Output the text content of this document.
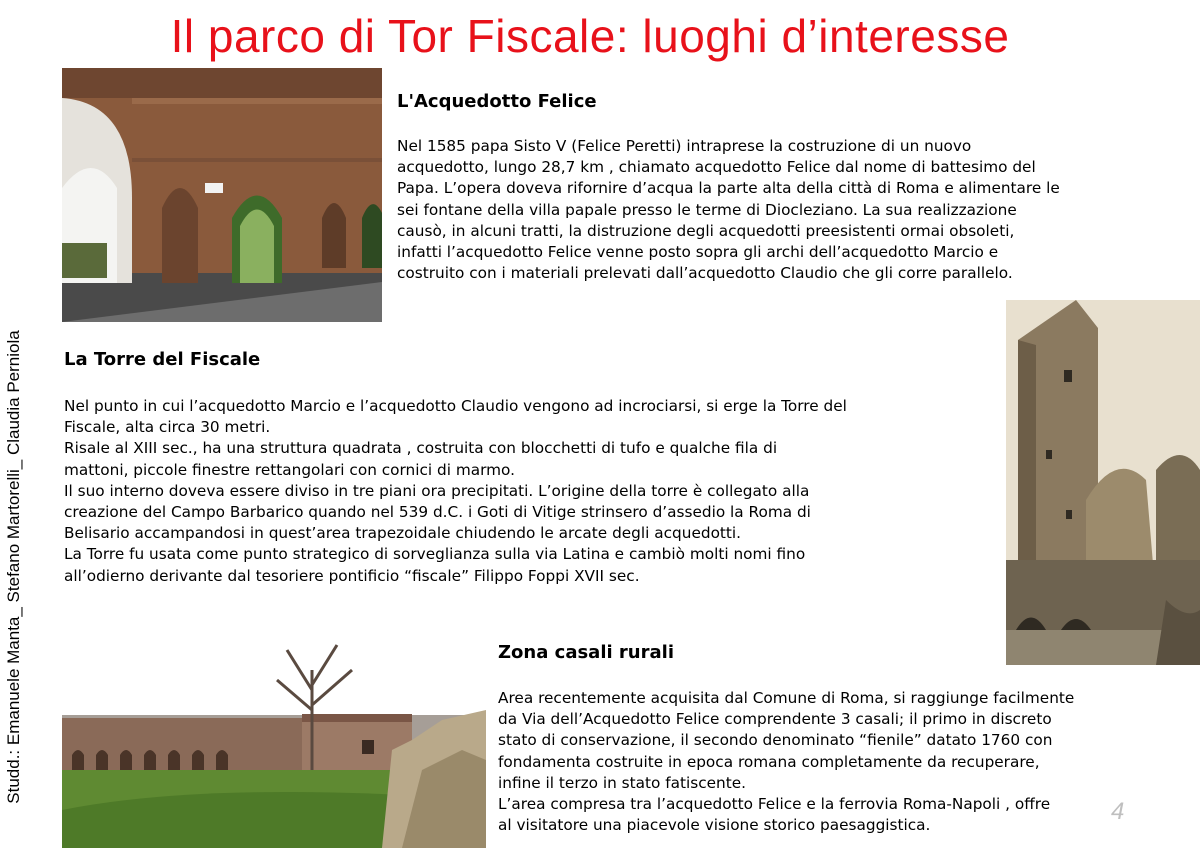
Il parco di Tor Fiscale: luoghi d’interesse
Studd.: Emanuele Manta_ Stefano Martorelli_ Claudia Perniola
L'Acquedotto Felice
Nel 1585 papa Sisto V (Felice Peretti) intraprese la costruzione di un nuovo
acquedotto, lungo 28,7 km , chiamato acquedotto Felice dal nome di battesimo del
Papa. L’opera doveva rifornire d’acqua la parte alta della città di Roma e alimentare le
sei fontane della villa papale presso le terme di Diocleziano. La sua realizzazione
causò, in alcuni tratti, la distruzione degli acquedotti preesistenti ormai obsoleti,
infatti l’acquedotto Felice venne posto sopra gli archi dell’acquedotto Marcio e
costruito con i materiali prelevati dall’acquedotto Claudio che gli corre parallelo.
La Torre del Fiscale
Nel punto in cui l’acquedotto Marcio e l’acquedotto Claudio vengono ad incrociarsi, si erge la Torre del
Fiscale, alta circa 30 metri.
Risale al XIII sec., ha una struttura quadrata , costruita con blocchetti di tufo e qualche fila di
mattoni, piccole finestre rettangolari con cornici di marmo.
Il suo interno doveva essere diviso in tre piani ora precipitati. L’origine della torre è collegato alla
creazione del Campo Barbarico quando nel 539 d.C. i Goti di Vitige strinsero d’assedio la Roma di
Belisario accampandosi in quest’area trapezoidale chiudendo le arcate degli acquedotti.
La Torre fu usata come punto strategico di sorveglianza sulla via Latina e cambiò molti nomi fino
all’odierno derivante dal tesoriere pontificio “fiscale” Filippo Foppi XVII sec.
Zona casali rurali
Area recentemente acquisita dal Comune di Roma, si raggiunge facilmente
da Via dell’Acquedotto Felice comprendente 3 casali; il primo in discreto
stato di conservazione, il secondo denominato “fienile” datato 1760 con
fondamenta costruite in epoca romana completamente da recuperare,
infine il terzo in stato fatiscente.
L’area compresa tra l’acquedotto Felice e la ferrovia Roma-Napoli , offre
al visitatore una piacevole visione storico paesaggistica.
4
